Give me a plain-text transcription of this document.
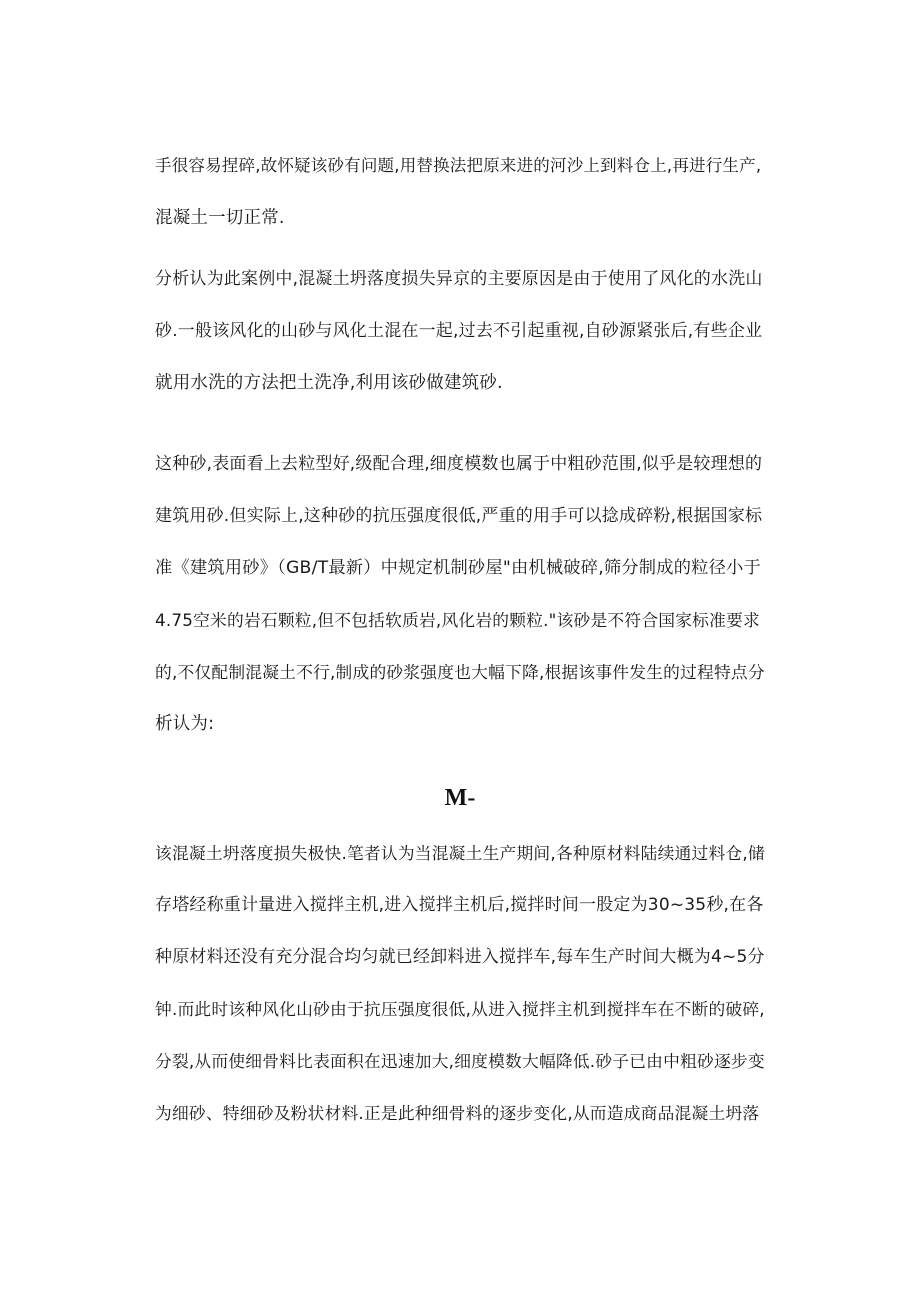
手很容易捏碎,故怀疑该砂有问题,用替换法把原来进的河沙上到料仓上,再进行生产,
混凝土一切正常.

分析认为此案例中,混凝土坍落度损失异京的主要原因是由于使用了风化的水洗山
砂.一般该风化的山砂与风化土混在一起,过去不引起重视,自砂源紧张后,有些企业
就用水洗的方法把土洗净,利用该砂做建筑砂.

这种砂,表面看上去粒型好,级配合理,细度模数也属于中粗砂范围,似乎是较理想的
建筑用砂.但实际上,这种砂的抗压强度很低,严重的用手可以捻成碎粉,根据国家标
准《建筑用砂》（GB/T最新）中规定机制砂屋"由机械破碎,筛分制成的粒径小于
4.75空米的岩石颗粒,但不包括软质岩,风化岩的颗粒."该砂是不符合国家标准要求
的,不仅配制混凝土不行,制成的砂浆强度也大幅下降,根据该事件发生的过程特点分
析认为:

M-

该混凝土坍落度损失极快.笔者认为当混凝土生产期间,各种原材料陆续通过料仓,储
存塔经称重计量进入搅拌主机,进入搅拌主机后,搅拌时间一股定为30~35秒,在各
种原材料还没有充分混合均匀就已经卸料进入搅拌车,每车生产时间大概为4~5分
钟.而此时该种风化山砂由于抗压强度很低,从进入搅拌主机到搅拌车在不断的破碎,
分裂,从而使细骨料比表面积在迅速加大,细度模数大幅降低.砂子已由中粗砂逐步变
为细砂、特细砂及粉状材料.正是此种细骨料的逐步变化,从而造成商品混凝土坍落
